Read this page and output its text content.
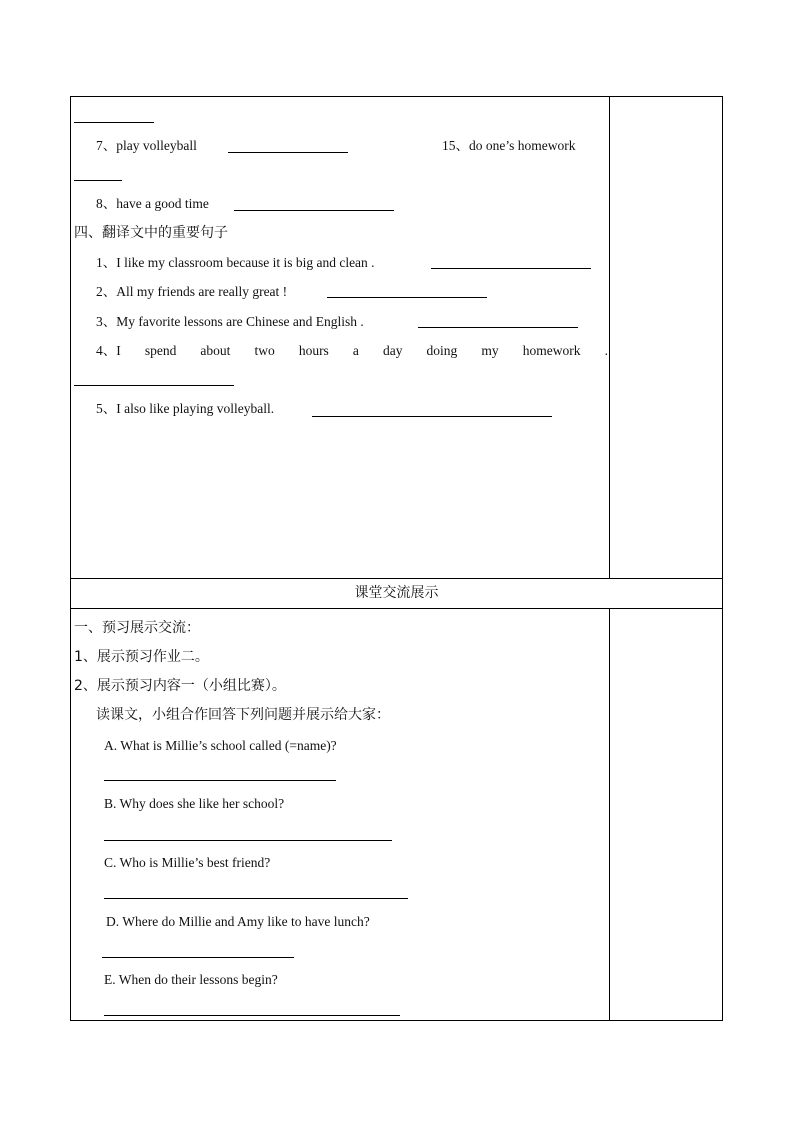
7、play volleyball	15、do one’s homework
8、have a good time
四、翻译文中的重要句子
1、I like my classroom because it is big and clean .
2、All my friends are really great !
3、My favorite lessons are Chinese and English .
4、I spend about two hours a day doing my homework .
5、I also like playing volleyball.
课堂交流展示
一、预习展示交流：
1、展示预习作业二。
2、展示预习内容一（小组比赛）。
读课文，小组合作回答下列问题并展示给大家：
A. What is Millie’s school called (=name)?
B. Why does she like her school?
C. Who is Millie’s best friend?
D. Where do Millie and Amy like to have lunch?
E. When do their lessons begin?
